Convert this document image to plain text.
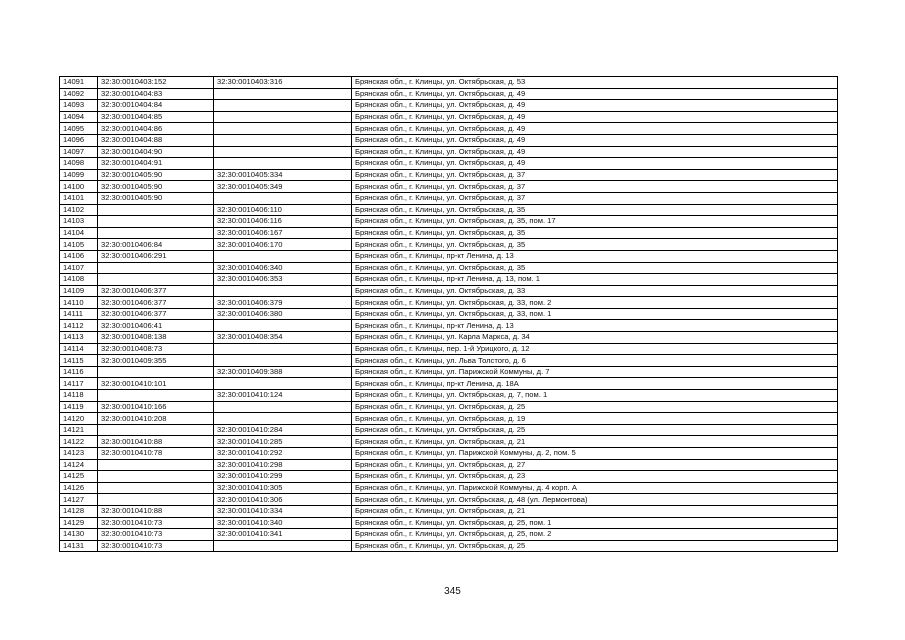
14091	32:30:0010403:152	32:30:0010403:316	Брянская обл., г. Клинцы, ул. Октябрьская, д. 53
14092	32:30:0010404:83		Брянская обл., г. Клинцы, ул. Октябрьская, д. 49
14093	32:30:0010404:84		Брянская обл., г. Клинцы, ул. Октябрьская, д. 49
14094	32:30:0010404:85		Брянская обл., г. Клинцы, ул. Октябрьская, д. 49
14095	32:30:0010404:86		Брянская обл., г. Клинцы, ул. Октябрьская, д. 49
14096	32:30:0010404:88		Брянская обл., г. Клинцы, ул. Октябрьская, д. 49
14097	32:30:0010404:90		Брянская обл., г. Клинцы, ул. Октябрьская, д. 49
14098	32:30:0010404:91		Брянская обл., г. Клинцы, ул. Октябрьская, д. 49
14099	32:30:0010405:90	32:30:0010405:334	Брянская обл., г. Клинцы, ул. Октябрьская, д. 37
14100	32:30:0010405:90	32:30:0010405:349	Брянская обл., г. Клинцы, ул. Октябрьская, д. 37
14101	32:30:0010405:90		Брянская обл., г. Клинцы, ул. Октябрьская, д. 37
14102		32:30:0010406:110	Брянская обл., г. Клинцы, ул. Октябрьская, д. 35
14103		32:30:0010406:116	Брянская обл., г. Клинцы, ул. Октябрьская, д. 35, пом. 17
14104		32:30:0010406:167	Брянская обл., г. Клинцы, ул. Октябрьская, д. 35
14105	32:30:0010406:84	32:30:0010406:170	Брянская обл., г. Клинцы, ул. Октябрьская, д. 35
14106	32:30:0010406:291		Брянская обл., г. Клинцы, пр-кт Ленина, д. 13
14107		32:30:0010406:340	Брянская обл., г. Клинцы, ул. Октябрьская, д. 35
14108		32:30:0010406:353	Брянская обл., г. Клинцы, пр-кт Ленина, д. 13, пом. 1
14109	32:30:0010406:377		Брянская обл., г. Клинцы, ул. Октябрьская, д. 33
14110	32:30:0010406:377	32:30:0010406:379	Брянская обл., г. Клинцы, ул. Октябрьская, д. 33, пом. 2
14111	32:30:0010406:377	32:30:0010406:380	Брянская обл., г. Клинцы, ул. Октябрьская, д. 33, пом. 1
14112	32:30:0010406:41		Брянская обл., г. Клинцы, пр-кт Ленина, д. 13
14113	32:30:0010408:138	32:30:0010408:354	Брянская обл., г. Клинцы, ул. Карла Маркса, д. 34
14114	32:30:0010408:73		Брянская обл., г. Клинцы, пер. 1-й Урицкого, д. 12
14115	32:30:0010409:355		Брянская обл., г. Клинцы, ул. Льва Толстого, д. 6
14116		32:30:0010409:388	Брянская обл., г. Клинцы, ул. Парижской Коммуны, д. 7
14117	32:30:0010410:101		Брянская обл., г. Клинцы, пр-кт Ленина, д. 18А
14118		32:30:0010410:124	Брянская обл., г. Клинцы, ул. Октябрьская, д. 7, пом. 1
14119	32:30:0010410:166		Брянская обл., г. Клинцы, ул. Октябрьская, д. 25
14120	32:30:0010410:208		Брянская обл., г. Клинцы, ул. Октябрьская, д. 19
14121		32:30:0010410:284	Брянская обл., г. Клинцы, ул. Октябрьская, д. 25
14122	32:30:0010410:88	32:30:0010410:285	Брянская обл., г. Клинцы, ул. Октябрьская, д. 21
14123	32:30:0010410:78	32:30:0010410:292	Брянская обл., г. Клинцы, ул. Парижской Коммуны, д. 2, пом. 5
14124		32:30:0010410:298	Брянская обл., г. Клинцы, ул. Октябрьская, д. 27
14125		32:30:0010410:299	Брянская обл., г. Клинцы, ул. Октябрьская, д. 23
14126		32:30:0010410:305	Брянская обл., г. Клинцы, ул. Парижской Коммуны, д. 4 корп. А
14127		32:30:0010410:306	Брянская обл., г. Клинцы, ул. Октябрьская, д. 48 (ул. Лермонтова)
14128	32:30:0010410:88	32:30:0010410:334	Брянская обл., г. Клинцы, ул. Октябрьская, д. 21
14129	32:30:0010410:73	32:30:0010410:340	Брянская обл., г. Клинцы, ул. Октябрьская, д. 25, пом. 1
14130	32:30:0010410:73	32:30:0010410:341	Брянская обл., г. Клинцы, ул. Октябрьская, д. 25, пом. 2
14131	32:30:0010410:73		Брянская обл., г. Клинцы, ул. Октябрьская, д. 25
345
